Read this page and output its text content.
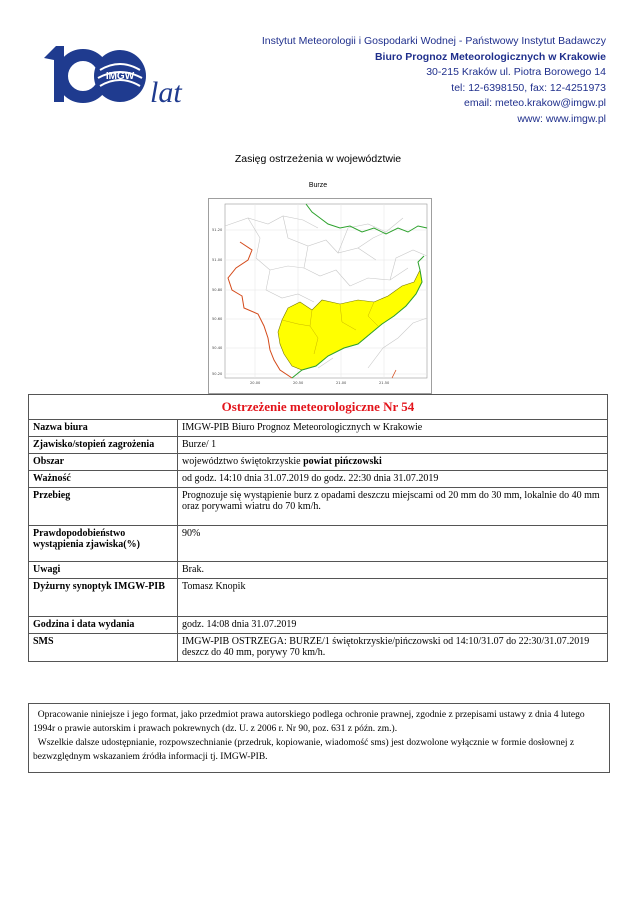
IMGW lat
Instytut Meteorologii i Gospodarki Wodnej - Państwowy Instytut Badawczy
Biuro Prognoz Meteorologicznych w Krakowie
30-215 Kraków ul. Piotra Borowego 14
tel: 12-6398150, fax: 12-4251973
email: meteo.krakow@imgw.pl
www: www.imgw.pl
Zasięg ostrzeżenia w województwie
Burze
51.20
51.00
50.80
50.60
50.40
50.20
20.00	20.50	21.00	21.50
Ostrzeżenie meteorologiczne Nr 54	
Nazwa biura	IMGW-PIB Biuro Prognoz Meteorologicznych w Krakowie
Zjawisko/stopień zagrożenia	Burze/ 1
Obszar	województwo świętokrzyskie powiat pińczowski
Ważność	od godz. 14:10 dnia 31.07.2019 do godz. 22:30 dnia 31.07.2019
Przebieg	Prognozuje się wystąpienie burz z opadami deszczu miejscami od 20 mm do 30 mm, lokalnie do 40 mm oraz porywami wiatru do 70 km/h.
Prawdopodobieństwo wystąpienia zjawiska(%)	90%
Uwagi	Brak.
Dyżurny synoptyk IMGW-PIB	Tomasz Knopik
Godzina i data wydania	godz. 14:08 dnia 31.07.2019
SMS	IMGW-PIB OSTRZEGA: BURZE/1 świętokrzyskie/pińczowski od 14:10/31.07 do 22:30/31.07.2019 deszcz do 40 mm, porywy 70 km/h.

Opracowanie niniejsze i jego format, jako przedmiot prawa autorskiego podlega ochronie prawnej, zgodnie z przepisami ustawy z dnia 4 lutego 1994r o prawie autorskim i prawach pokrewnych (dz. U. z 2006 r. Nr 90, poz. 631 z późn. zm.).

Wszelkie dalsze udostępnianie, rozpowszechnianie (przedruk, kopiowanie, wiadomość sms) jest dozwolone wyłącznie w formie dosłownej z bezwzględnym wskazaniem źródła informacji tj. IMGW-PIB.
